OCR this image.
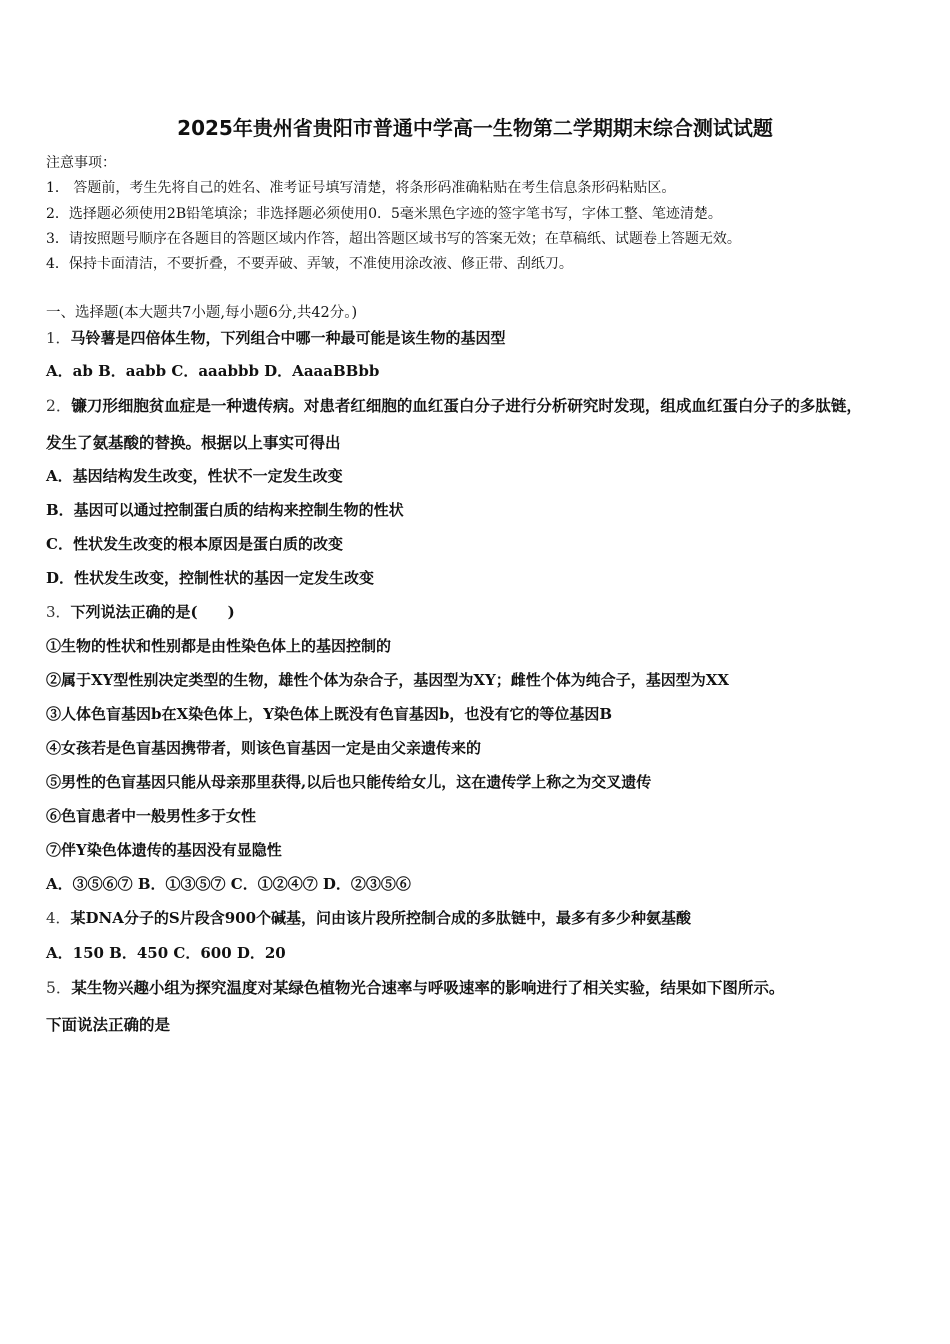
2025年贵州省贵阳市普通中学高一生物第二学期期末综合测试试题
注意事项：
1． 答题前，考生先将自己的姓名、准考证号填写清楚，将条形码准确粘贴在考生信息条形码粘贴区。
2．选择题必须使用2B铅笔填涂；非选择题必须使用0．5毫米黑色字迹的签字笔书写，字体工整、笔迹清楚。
3．请按照题号顺序在各题目的答题区域内作答，超出答题区域书写的答案无效；在草稿纸、试题卷上答题无效。
4．保持卡面清洁，不要折叠，不要弄破、弄皱，不准使用涂改液、修正带、刮纸刀。
一、选择题(本大题共7小题,每小题6分,共42分。)
1．马铃薯是四倍体生物，下列组合中哪一种最可能是该生物的基因型
A．ab B．aabb C．aaabbb D．AaaaBBbb
2．镰刀形细胞贫血症是一种遗传病。对患者红细胞的血红蛋白分子进行分析研究时发现，组成血红蛋白分子的多肽链，
发生了氨基酸的替换。根据以上事实可得出
A．基因结构发生改变，性状不一定发生改变
B．基因可以通过控制蛋白质的结构来控制生物的性状
C．性状发生改变的根本原因是蛋白质的改变
D．性状发生改变，控制性状的基因一定发生改变
3．下列说法正确的是(　　)
①生物的性状和性别都是由性染色体上的基因控制的
②属于XY型性别决定类型的生物，雄性个体为杂合子，基因型为XY；雌性个体为纯合子，基因型为XX
③人体色盲基因b在X染色体上，Y染色体上既没有色盲基因b，也没有它的等位基因B
④女孩若是色盲基因携带者，则该色盲基因一定是由父亲遗传来的
⑤男性的色盲基因只能从母亲那里获得,以后也只能传给女儿，这在遗传学上称之为交叉遗传
⑥色盲患者中一般男性多于女性
⑦伴Y染色体遗传的基因没有显隐性
A．③⑤⑥⑦ B．①③⑤⑦ C．①②④⑦ D．②③⑤⑥
4．某DNA分子的S片段含900个碱基，问由该片段所控制合成的多肽链中，最多有多少种氨基酸
A．150 B．450 C．600 D．20
5．某生物兴趣小组为探究温度对某绿色植物光合速率与呼吸速率的影响进行了相关实验，结果如下图所示。
下面说法正确的是
